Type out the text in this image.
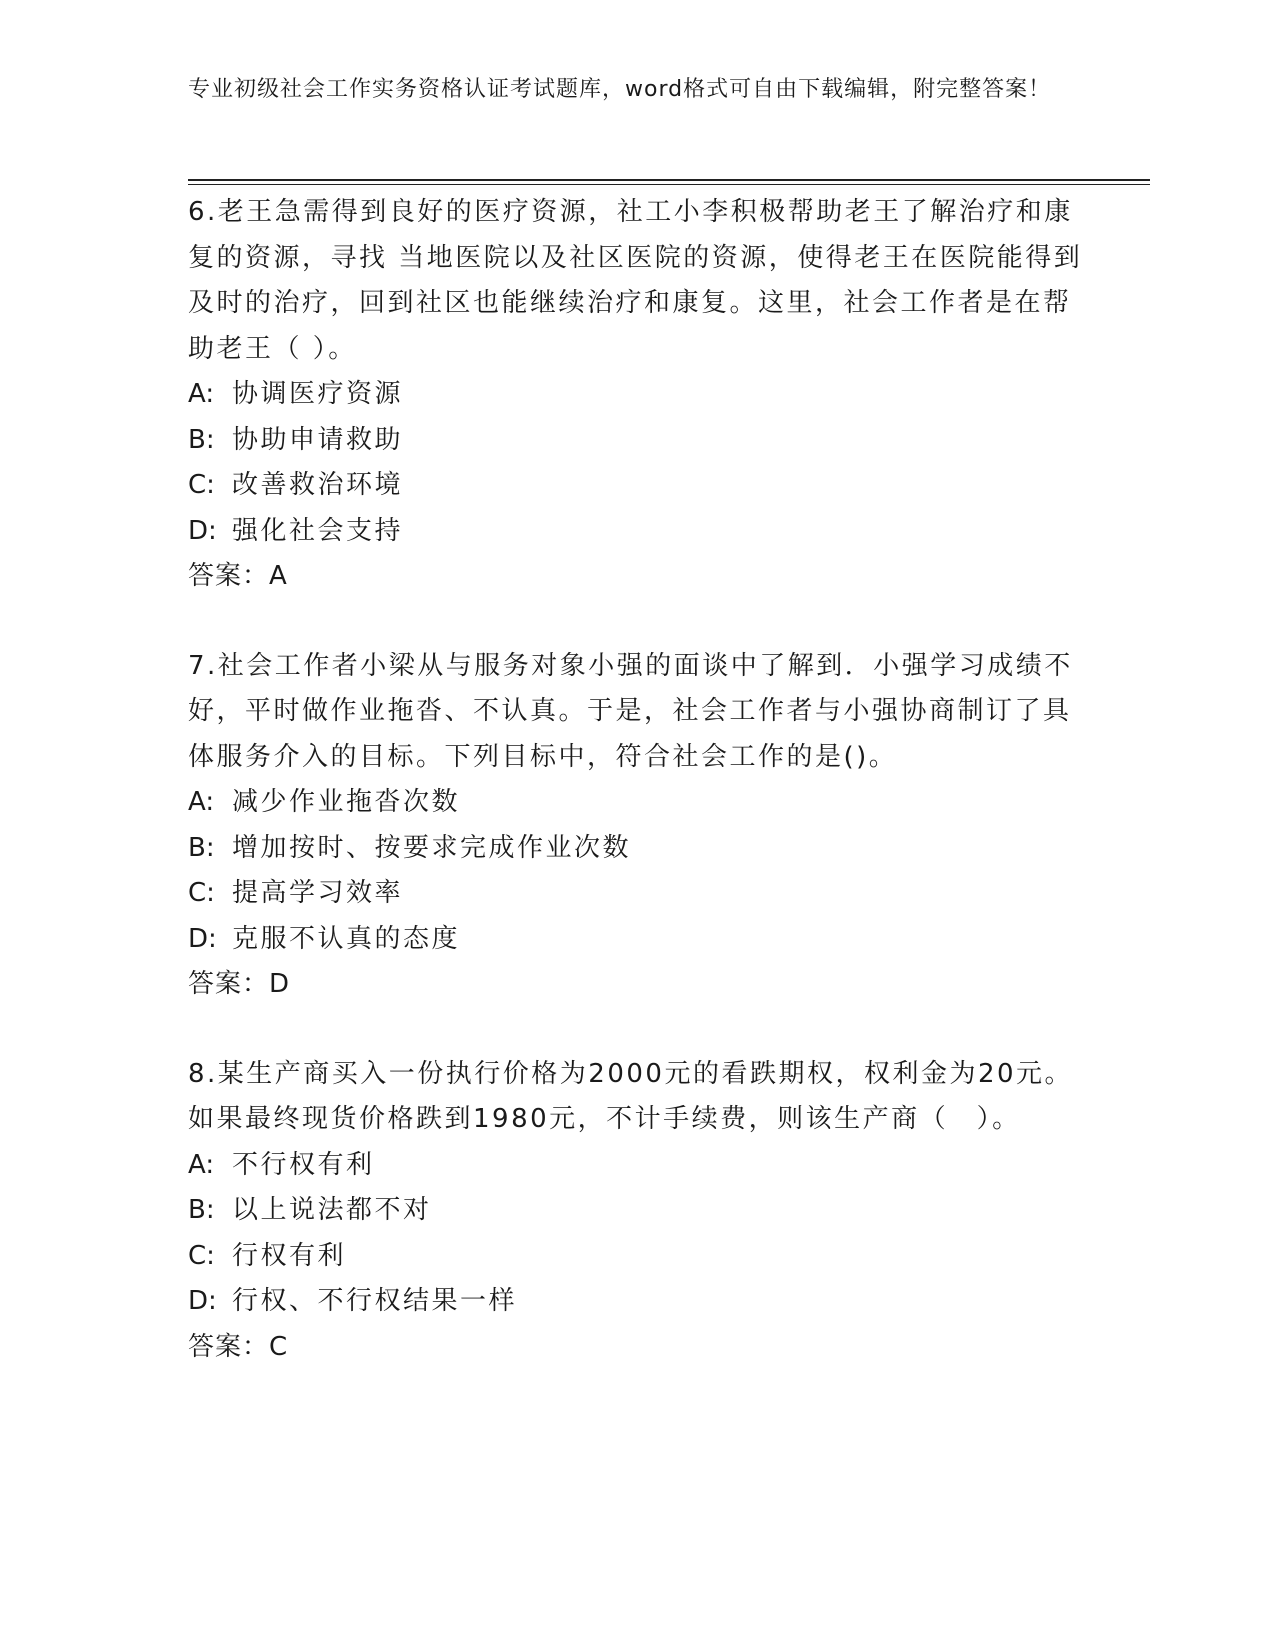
专业初级社会工作实务资格认证考试题库，word格式可自由下载编辑，附完整答案！

6.老王急需得到良好的医疗资源，社工小李积极帮助老王了解治疗和康复的资源，寻找 当地医院以及社区医院的资源，使得老王在医院能得到及时的治疗，回到社区也能继续治疗和康复。这里，社会工作者是在帮助老王（ ）。

A: 协调医疗资源

B: 协助申请救助

C: 改善救治环境

D: 强化社会支持

答案：A

7.社会工作者小梁从与服务对象小强的面谈中了解到．小强学习成绩不好，平时做作业拖沓、不认真。于是，社会工作者与小强协商制订了具体服务介入的目标。下列目标中，符合社会工作的是()。

A: 减少作业拖沓次数

B: 增加按时、按要求完成作业次数

C: 提高学习效率

D: 克服不认真的态度

答案：D

8.某生产商买入一份执行价格为2000元的看跌期权，权利金为20元。如果最终现货价格跌到1980元，不计手续费，则该生产商（　）。

A: 不行权有利

B: 以上说法都不对

C: 行权有利

D: 行权、不行权结果一样

答案：C
